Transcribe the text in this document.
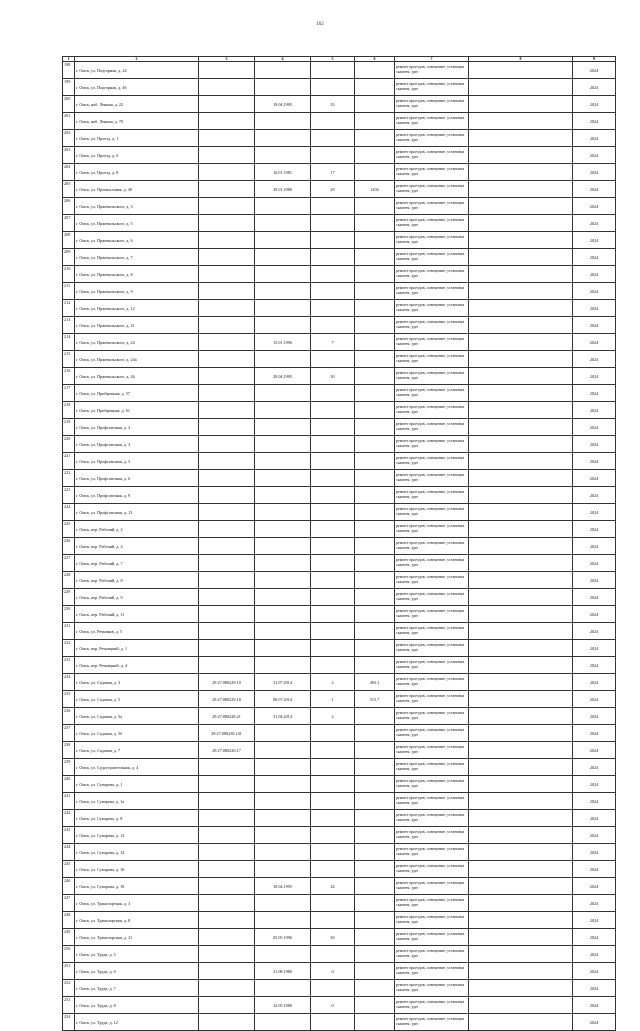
162
1	2	3	4	5	6	7	8	9
198	г. Омск, ул. Подгорная, д. 24					ремонт проездов, освещение, установка скамеек, урн		2024
199	г. Омск, ул. Подгорная, д. 46					ремонт проездов, освещение, установка скамеек, урн		2024
200	г. Омск, наб. Ленина, д. 22		19.04.1995	35		ремонт проездов, освещение, установка скамеек, урн		2024
201	г. Омск, наб. Ленина, д. 70					ремонт проездов, освещение, установка скамеек, урн		2024
202	г. Омск, ул. Проезд, д. 1					ремонт проездов, освещение, установка скамеек, урн		2024
203	г. Омск, ул. Проезд, д. 6					ремонт проездов, освещение, установка скамеек, урн		2024
204	г. Омск, ул. Проезд, д. 8		16.01.1981	17		ремонт проездов, освещение, установка скамеек, урн		2024
205	г. Омск, ул. Промысловая, д. 40		29.01.1980	29	1204	ремонт проездов, освещение, установка скамеек, урн		2024
206	г. Омск, ул. Пржевальского, д. 3					ремонт проездов, освещение, установка скамеек, урн		2024
207	г. Омск, ул. Пржевальского, д. 5					ремонт проездов, освещение, установка скамеек, урн		2024
208	г. Омск, ул. Пржевальского, д. 6					ремонт проездов, освещение, установка скамеек, урн		2024
209	г. Омск, ул. Пржевальского, д. 7					ремонт проездов, освещение, установка скамеек, урн		2024
210	г. Омск, ул. Пржевальского, д. 8					ремонт проездов, освещение, установка скамеек, урн		2024
211	г. Омск, ул. Пржевальского, д. 9					ремонт проездов, освещение, установка скамеек, урн		2024
212	г. Омск, ул. Пржевальского, д. 12					ремонт проездов, освещение, установка скамеек, урн		2024
213	г. Омск, ул. Пржевальского, д. 21					ремонт проездов, освещение, установка скамеек, урн		2024
214	г. Омск, ул. Пржевальского, д. 24		15.01.1996	7		ремонт проездов, освещение, установка скамеек, урн		2024
215	г. Омск, ул. Пржевальского, д. 24а					ремонт проездов, освещение, установка скамеек, урн		2024
216	г. Омск, ул. Пржевальского, д. 26		20.04.1995	30		ремонт проездов, освещение, установка скамеек, урн		2024
217	г. Омск, ул. Прибрежная, д. 57					ремонт проездов, освещение, установка скамеек, урн		2024
218	г. Омск, ул. Прибрежная, д. 61					ремонт проездов, освещение, установка скамеек, урн		2024
219	г. Омск, ул. Профсоюзная, д. 2					ремонт проездов, освещение, установка скамеек, урн		2024
220	г. Омск, ул. Профсоюзная, д. 3					ремонт проездов, освещение, установка скамеек, урн		2024
221	г. Омск, ул. Профсоюзная, д. 5					ремонт проездов, освещение, установка скамеек, урн		2024
222	г. Омск, ул. Профсоюзная, д. 6					ремонт проездов, освещение, установка скамеек, урн		2024
223	г. Омск, ул. Профсоюзная, д. 9					ремонт проездов, освещение, установка скамеек, урн		2024
224	г. Омск, ул. Профсоюзная, д. 13					ремонт проездов, освещение, установка скамеек, урн		2024
225	г. Омск, пер. Рабочий, д. 2					ремонт проездов, освещение, установка скамеек, урн		2024
226	г. Омск, пер. Рабочий, д. 4					ремонт проездов, освещение, установка скамеек, урн		2024
227	г. Омск, пер. Рабочий, д. 7					ремонт проездов, освещение, установка скамеек, урн		2024
228	г. Омск, пер. Рабочий, д. 8					ремонт проездов, освещение, установка скамеек, урн		2024
229	г. Омск, пер. Рабочий, д. 9					ремонт проездов, освещение, установка скамеек, урн		2024
230	г. Омск, пер. Рабочий, д. 11					ремонт проездов, освещение, установка скамеек, урн		2024
231	г. Омск, ул. Речников, д. 5					ремонт проездов, освещение, установка скамеек, урн		2024
232	г. Омск, пер. Речницкий, д. 1					ремонт проездов, освещение, установка скамеек, урн		2024
233	г. Омск, пер. Речницкий, д. 4					ремонт проездов, освещение, установка скамеек, урн		2024
234	г. Омск, ул. Садовая, д. 3	29:27:080229:10	31.07.2014	2	493.1	ремонт проездов, освещение, установка скамеек, урн		2024
235	г. Омск, ул. Садовая, д. 5	29:27:080229:18	08.07.2014	1	515.7	ремонт проездов, освещение, установка скамеек, урн		2024
236	г. Омск, ул. Садовая, д. 5а	29:27:080228:21	31.04.2014	2		ремонт проездов, освещение, установка скамеек, урн		2024
237	г. Омск, ул. Садовая, д. 5б	29:27:080230:141				ремонт проездов, освещение, установка скамеек, урн		2024
238	г. Омск, ул. Садовая, д. 7	29:27:080226:17				ремонт проездов, освещение, установка скамеек, урн		2024
239	г. Омск, ул. Судостроительная, д. 4					ремонт проездов, освещение, установка скамеек, урн		2024
240	г. Омск, ул. Суворова, д. 1					ремонт проездов, освещение, установка скамеек, урн		2024
241	г. Омск, ул. Суворова, д. 1а					ремонт проездов, освещение, установка скамеек, урн		2024
242	г. Омск, ул. Суворова, д. 8					ремонт проездов, освещение, установка скамеек, урн		2024
243	г. Омск, ул. Суворова, д. 12					ремонт проездов, освещение, установка скамеек, урн		2024
244	г. Омск, ул. Суворова, д. 14					ремонт проездов, освещение, установка скамеек, урн		2024
245	г. Омск, ул. Суворова, д. 16					ремонт проездов, освещение, установка скамеек, урн		2024
246	г. Омск, ул. Суворова, д. 18		10.04.1995	24		ремонт проездов, освещение, установка скамеек, урн		2024
247	г. Омск, ул. Транспортная, д. 3					ремонт проездов, освещение, установка скамеек, урн		2024
248	г. Омск, ул. Транспортная, д. 8					ремонт проездов, освещение, установка скамеек, урн		2024
249	г. Омск, ул. Транспортная, д. 21		05.05.1996	30		ремонт проездов, освещение, установка скамеек, урн		2024
250	г. Омск, ул. Труда, д. 5					ремонт проездов, освещение, установка скамеек, урн		2024
251	г. Омск, ул. Труда, д. 6		31.08.1980	0		ремонт проездов, освещение, установка скамеек, урн		2024
252	г. Омск, ул. Труда, д. 7					ремонт проездов, освещение, установка скамеек, урн		2024
253	г. Омск, ул. Труда, д. 8		32.05.1980	0		ремонт проездов, освещение, установка скамеек, урн		2024
254	г. Омск, ул. Труда, д. 12					ремонт проездов, освещение, установка скамеек, урн		2024
